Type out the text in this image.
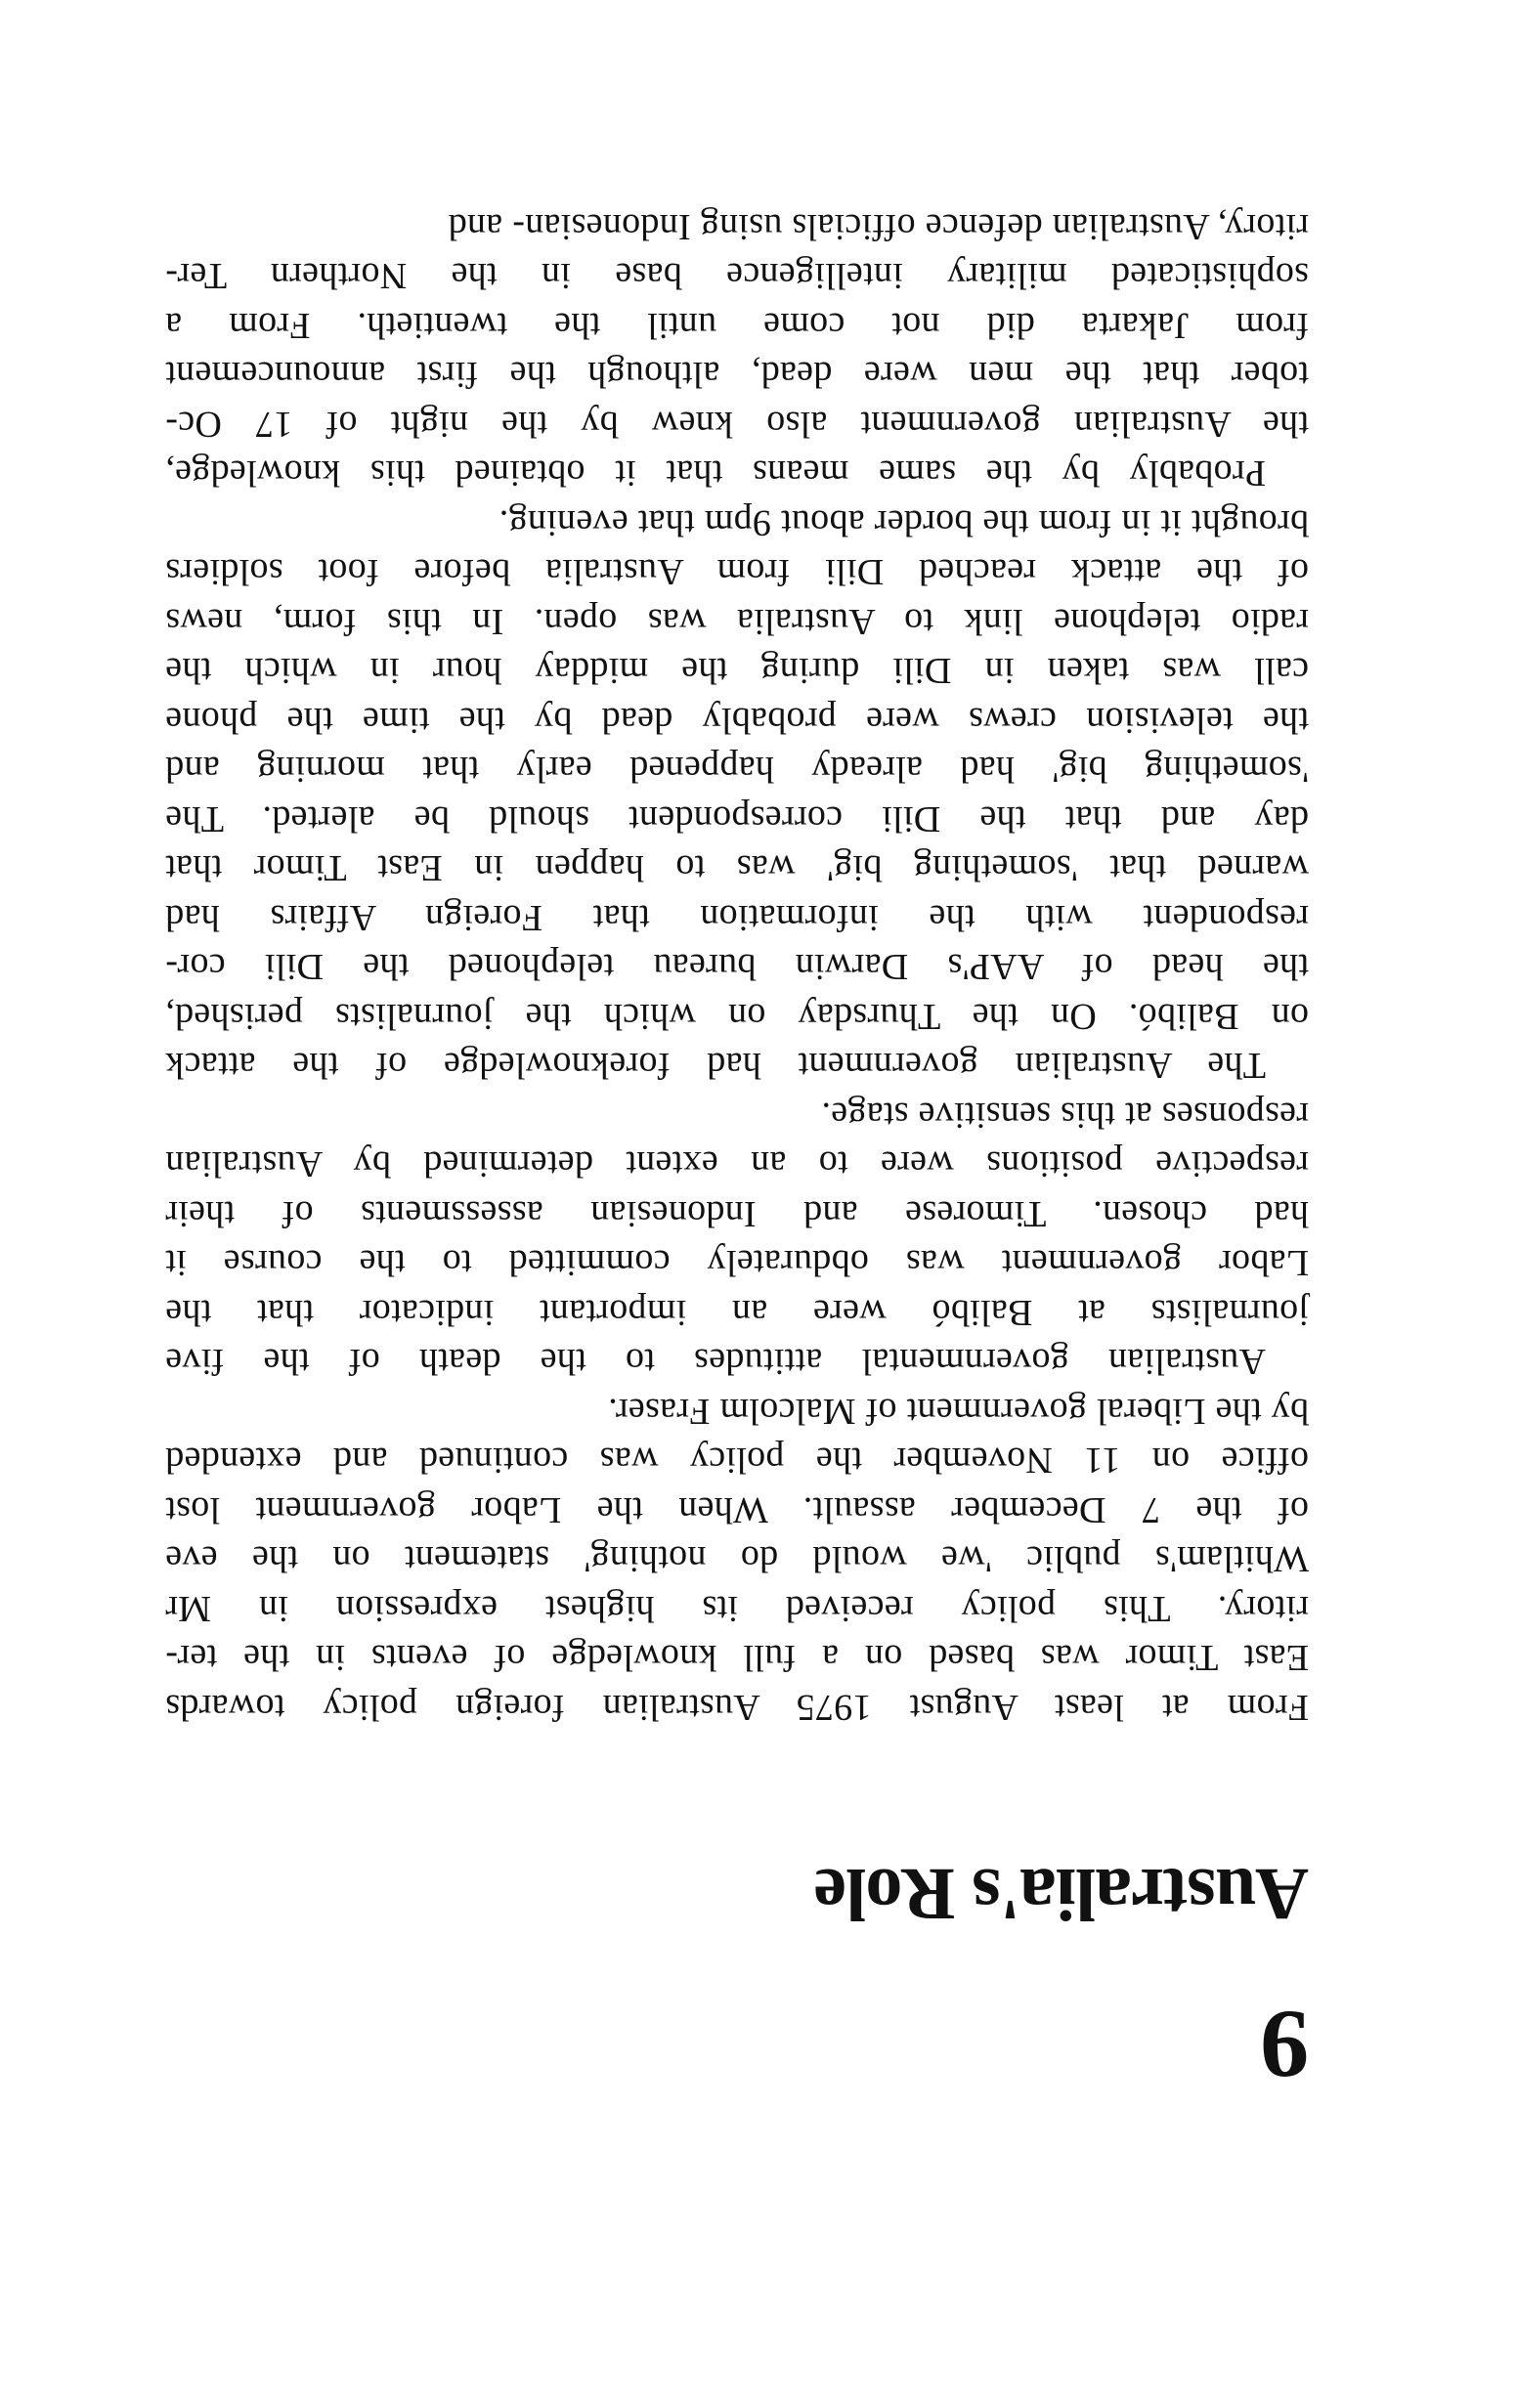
9
Australia's Role
From at least August 1975 Australian foreign policy towards
East Timor was based on a full knowledge of events in the ter-
ritory. This policy received its highest expression in Mr
Whitlam's public 'we would do nothing' statement on the eve
of the 7 December assault. When the Labor government lost
office on 11 November the policy was continued and extended
by the Liberal government of Malcolm Fraser.
Australian governmental attitudes to the death of the five
journalists at Balibó were an important indicator that the
Labor government was obdurately committed to the course it
had chosen. Timorese and Indonesian assessments of their
respective positions were to an extent determined by Australian
responses at this sensitive stage.
The Australian government had foreknowledge of the attack
on Balibó. On the Thursday on which the journalists perished,
the head of AAP's Darwin bureau telephoned the Dili cor-
respondent with the information that Foreign Affairs had
warned that 'something big' was to happen in East Timor that
day and that the Dili correspondent should be alerted. The
'something big' had already happened early that morning and
the television crews were probably dead by the time the phone
call was taken in Dili during the midday hour in which the
radio telephone link to Australia was open. In this form, news
of the attack reached Dili from Australia before foot soldiers
brought it in from the border about 9pm that evening.
Probably by the same means that it obtained this knowledge,
the Australian government also knew by the night of 17 Oc-
tober that the men were dead, although the first announcement
from Jakarta did not come until the twentieth. From a
sophisticated military intelligence base in the Northern Ter-
ritory, Australian defence officials using Indonesian- and
